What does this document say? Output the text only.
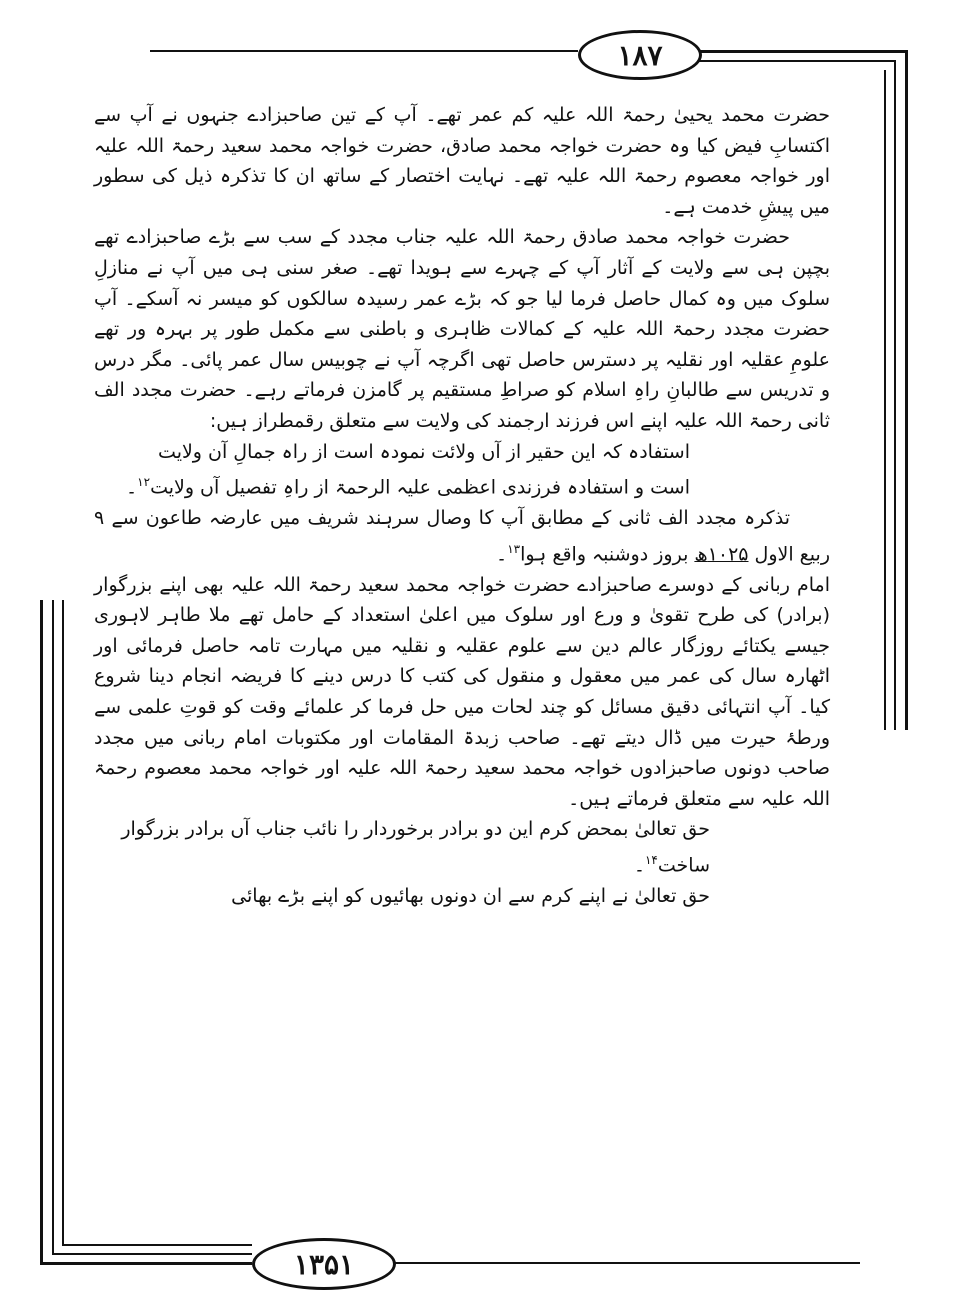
۱۸۷
۱۳۵۱

حضرت محمد یحییٰ رحمۃ اللہ علیہ کم عمر تھے۔ آپ کے تین صاحبزادے جنہوں نے آپ سے اکتسابِ فیض کیا وہ حضرت خواجہ محمد صادق، حضرت خواجہ محمد سعید رحمۃ اللہ علیہ اور خواجہ معصوم رحمۃ اللہ علیہ تھے۔ نہایت اختصار کے ساتھ ان کا تذکرہ ذیل کی سطور میں پیشِ خدمت ہے۔

حضرت خواجہ محمد صادق رحمۃ اللہ علیہ جناب مجدد کے سب سے بڑے صاحبزادے تھے بچپن ہی سے ولایت کے آثار آپ کے چہرے سے ہویدا تھے۔ صغر سنی ہی میں آپ نے منازلِ سلوک میں وہ کمال حاصل فرما لیا جو کہ بڑے عمر رسیدہ سالکوں کو میسر نہ آسکے۔ آپ حضرت مجدد رحمۃ اللہ علیہ کے کمالات ظاہری و باطنی سے مکمل طور پر بہرہ ور تھے علومِ عقلیہ اور نقلیہ پر دسترس حاصل تھی اگرچہ آپ نے چوبیس سال عمر پائی۔ مگر درس و تدریس سے طالبانِ راہِ اسلام کو صراطِ مستقیم پر گامزن فرماتے رہے۔ حضرت مجدد الف ثانی رحمۃ اللہ علیہ اپنے اس فرزند ارجمند کی ولایت سے متعلق رقمطراز ہیں:

استفادہ کہ این حقیر از آں ولائت نمودہ است از راہ جمالِ آن ولایت

است و استفادہ فرزندی اعظمی علیہ الرحمۃ از راہِ تفصیل آں ولایت$^{۱۲}$۔

تذکرہ مجدد الف ثانی کے مطابق آپ کا وصال سرہند شریف میں عارضہ طاعون سے ۹ ربیع الاول ۱۰۲۵ھ بروز دوشنبہ واقع ہوا$^{۱۳}$۔

امام ربانی کے دوسرے صاحبزادے حضرت خواجہ محمد سعید رحمۃ اللہ علیہ بھی اپنے بزرگوار (برادر) کی طرح تقویٰ و ورع اور سلوک میں اعلیٰ استعداد کے حامل تھے ملا طاہر لاہوری جیسے یکتائے روزگار عالم دین سے علوم عقلیہ و نقلیہ میں مہارت تامہ حاصل فرمائی اور اٹھارہ سال کی عمر میں معقول و منقول کی کتب کا درس دینے کا فریضہ انجام دینا شروع کیا۔ آپ انتہائی دقیق مسائل کو چند لحات میں حل فرما کر علمائے وقت کو قوتِ علمی سے ورطۂ حیرت میں ڈال دیتے تھے۔ صاحب زبدۃ المقامات اور مکتوبات امام ربانی میں مجدد صاحب دونوں صاحبزادوں خواجہ محمد سعید رحمۃ اللہ علیہ اور خواجہ محمد معصوم رحمۃ اللہ علیہ سے متعلق فرماتے ہیں۔

حق تعالیٰ بمحض کرم این دو برادر برخوردار را نائب جناب آں برادر بزرگوار

ساخت$^{۱۴}$۔

حق تعالیٰ نے اپنے کرم سے ان دونوں بھائیوں کو اپنے بڑے بھائی
